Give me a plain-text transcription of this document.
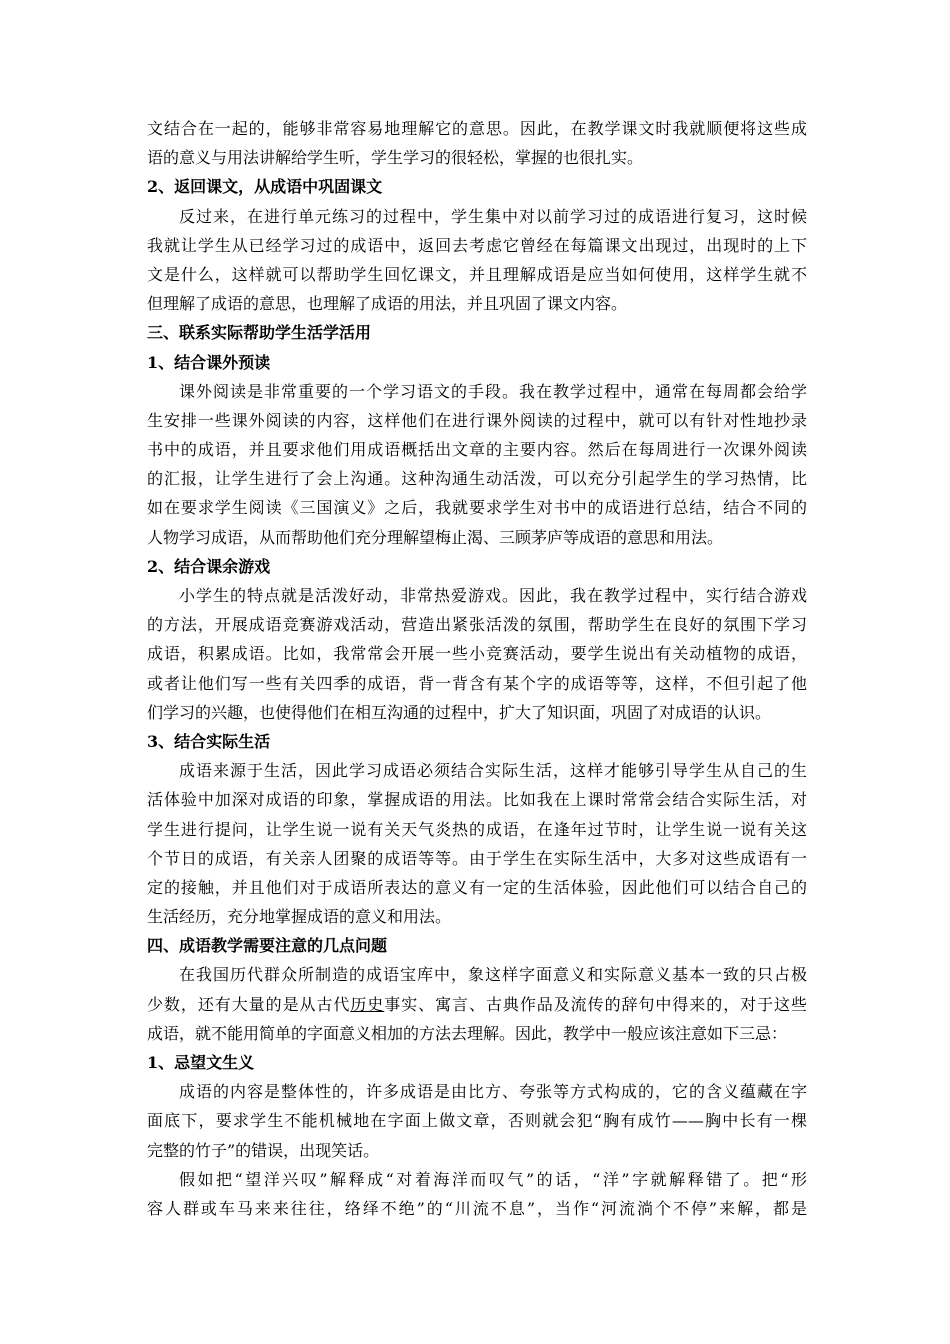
文结合在一起的，能够非常容易地理解它的意思。因此，在教学课文时我就顺便将这些成
语的意义与用法讲解给学生听，学生学习的很轻松，掌握的也很扎实。
2、返回课文，从成语中巩固课文
反过来，在进行单元练习的过程中，学生集中对以前学习过的成语进行复习，这时候
我就让学生从已经学习过的成语中，返回去考虑它曾经在每篇课文出现过，出现时的上下
文是什么，这样就可以帮助学生回忆课文，并且理解成语是应当如何使用，这样学生就不
但理解了成语的意思，也理解了成语的用法，并且巩固了课文内容。
三、联系实际帮助学生活学活用
1、结合课外预读
课外阅读是非常重要的一个学习语文的手段。我在教学过程中，通常在每周都会给学
生安排一些课外阅读的内容，这样他们在进行课外阅读的过程中，就可以有针对性地抄录
书中的成语，并且要求他们用成语概括出文章的主要内容。然后在每周进行一次课外阅读
的汇报，让学生进行了会上沟通。这种沟通生动活泼，可以充分引起学生的学习热情，比
如在要求学生阅读《三国演义》之后，我就要求学生对书中的成语进行总结，结合不同的
人物学习成语，从而帮助他们充分理解望梅止渴、三顾茅庐等成语的意思和用法。
2、结合课余游戏
小学生的特点就是活泼好动，非常热爱游戏。因此，我在教学过程中，实行结合游戏
的方法，开展成语竞赛游戏活动，营造出紧张活泼的氛围，帮助学生在良好的氛围下学习
成语，积累成语。比如，我常常会开展一些小竞赛活动，要学生说出有关动植物的成语，
或者让他们写一些有关四季的成语，背一背含有某个字的成语等等，这样，不但引起了他
们学习的兴趣，也使得他们在相互沟通的过程中，扩大了知识面，巩固了对成语的认识。
3、结合实际生活
成语来源于生活，因此学习成语必须结合实际生活，这样才能够引导学生从自己的生
活体验中加深对成语的印象，掌握成语的用法。比如我在上课时常常会结合实际生活，对
学生进行提问，让学生说一说有关天气炎热的成语，在逢年过节时，让学生说一说有关这
个节日的成语，有关亲人团聚的成语等等。由于学生在实际生活中，大多对这些成语有一
定的接触，并且他们对于成语所表达的意义有一定的生活体验，因此他们可以结合自己的
生活经历，充分地掌握成语的意义和用法。
四、成语教学需要注意的几点问题
在我国历代群众所制造的成语宝库中，象这样字面意义和实际意义基本一致的只占极
少数，还有大量的是从古代历史事实、寓言、古典作品及流传的辞句中得来的，对于这些
成语，就不能用简单的字面意义相加的方法去理解。因此，教学中一般应该注意如下三忌：
1、忌望文生义
成语的内容是整体性的，许多成语是由比方、夸张等方式构成的，它的含义蕴藏在字
面底下，要求学生不能机械地在字面上做文章，否则就会犯“胸有成竹——胸中长有一棵
完整的竹子”的错误，出现笑话。
假如把“望洋兴叹”解释成“对着海洋而叹气”的话，“洋”字就解释错了。把“形
容人群或车马来来往往，络绎不绝”的“川流不息”，当作“河流淌个不停”来解，都是
